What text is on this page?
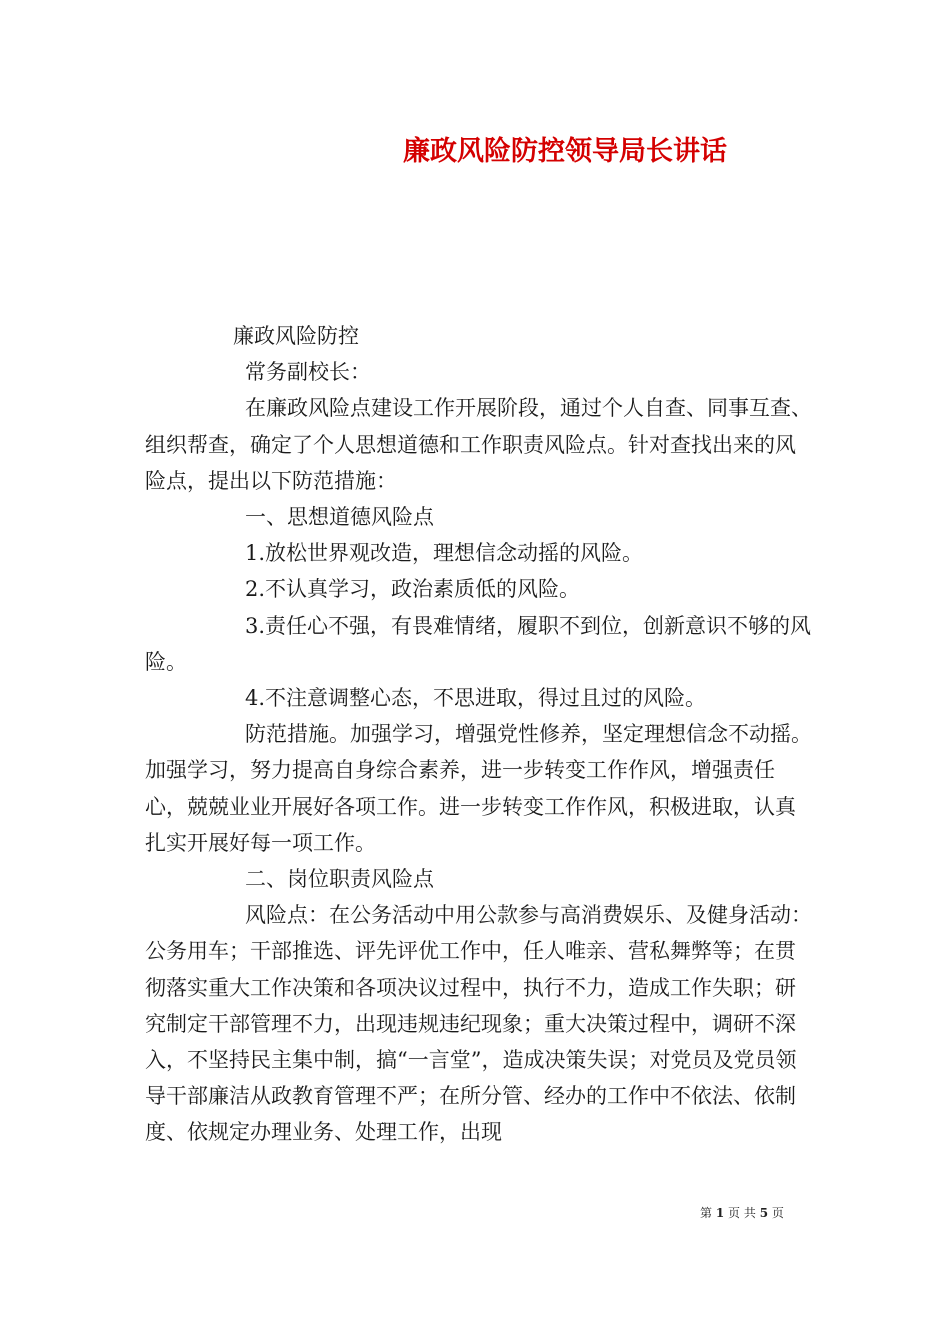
廉政风险防控领导局长讲话

廉政风险防控

常务副校长：

在廉政风险点建设工作开展阶段，通过个人自查、同事互查、组织帮查，确定了个人思想道德和工作职责风险点。针对查找出来的风险点，提出以下防范措施：

一、思想道德风险点

1.放松世界观改造，理想信念动摇的风险。

2.不认真学习，政治素质低的风险。

3.责任心不强，有畏难情绪，履职不到位，创新意识不够的风险。

4.不注意调整心态，不思进取，得过且过的风险。

防范措施。加强学习，增强党性修养，坚定理想信念不动摇。加强学习，努力提高自身综合素养，进一步转变工作作风，增强责任心，兢兢业业开展好各项工作。进一步转变工作作风，积极进取，认真扎实开展好每一项工作。

二、岗位职责风险点

风险点：在公务活动中用公款参与高消费娱乐、及健身活动：公务用车；干部推选、评先评优工作中，任人唯亲、营私舞弊等；在贯彻落实重大工作决策和各项决议过程中，执行不力，造成工作失职；研究制定干部管理不力，出现违规违纪现象；重大决策过程中，调研不深入，不坚持民主集中制，搞“一言堂”，造成决策失误；对党员及党员领导干部廉洁从政教育管理不严；在所分管、经办的工作中不依法、依制度、依规定办理业务、处理工作，出现

第 1 页 共 5 页
